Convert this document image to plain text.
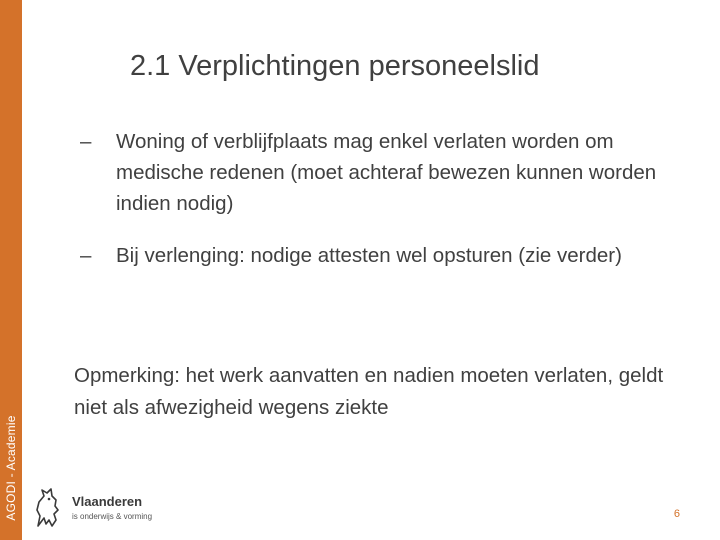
AGODI - Academie
2.1 Verplichtingen personeelslid
– Woning of verblijfplaats mag enkel verlaten worden om medische redenen (moet achteraf bewezen kunnen worden indien nodig)
– Bij verlenging: nodige attesten wel opsturen (zie verder)
Opmerking: het werk aanvatten en nadien moeten verlaten, geldt niet als afwezigheid wegens ziekte
Vlaanderen
is onderwijs & vorming	6
